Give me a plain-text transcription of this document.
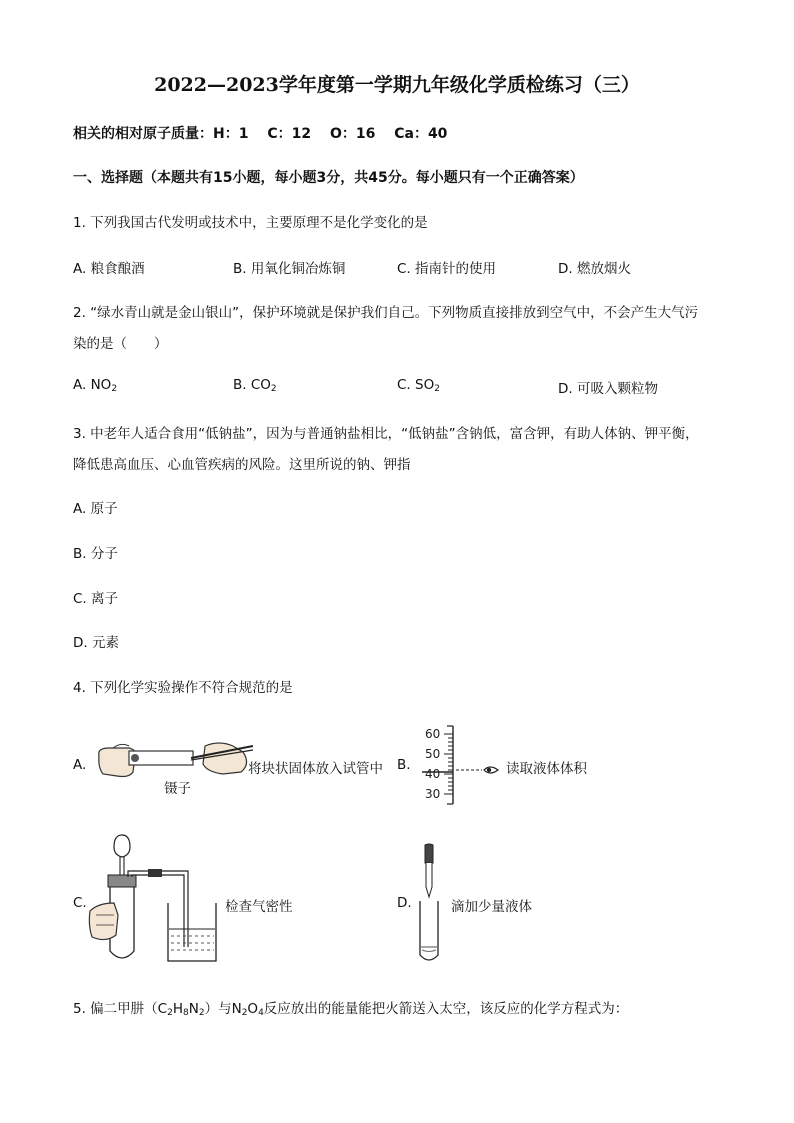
2022—2023学年度第一学期九年级化学质检练习（三）
相关的相对原子质量：H：1　 C：12　 O：16　 Ca：40
一、选择题（本题共有15小题，每小题3分，共45分。每小题只有一个正确答案）
1. 下列我国古代发明或技术中，主要原理不是化学变化的是
A. 粮食酿酒	B. 用氧化铜冶炼铜	C. 指南针的使用	D. 燃放烟火
2. “绿水青山就是金山银山”，保护环境就是保护我们自己。下列物质直接排放到空气中，不会产生大气污
染的是（　　）
A. $NO_2$	B. $CO_2$	C. $SO_2$	D. 可吸入颗粒物
3. 中老年人适合食用“低钠盐”，因为与普通钠盐相比，“低钠盐”含钠低，富含钾，有助人体钠、钾平衡，
降低患高血压、心血管疾病的风险。这里所说的钠、钾指
A. 原子
B. 分子
C. 离子
D. 元素
4. 下列化学实验操作不符合规范的是
A.
镊子
将块状固体放入试管中 B.
60
50
40
30
读取液体体积
C.	检查气密性	D.	滴加少量液体
5. 偏二甲肼$(C_2H_8N_2)$与$N_2O_4$反应放出的能量能把火箭送入太空，该反应的化学方程式为：
